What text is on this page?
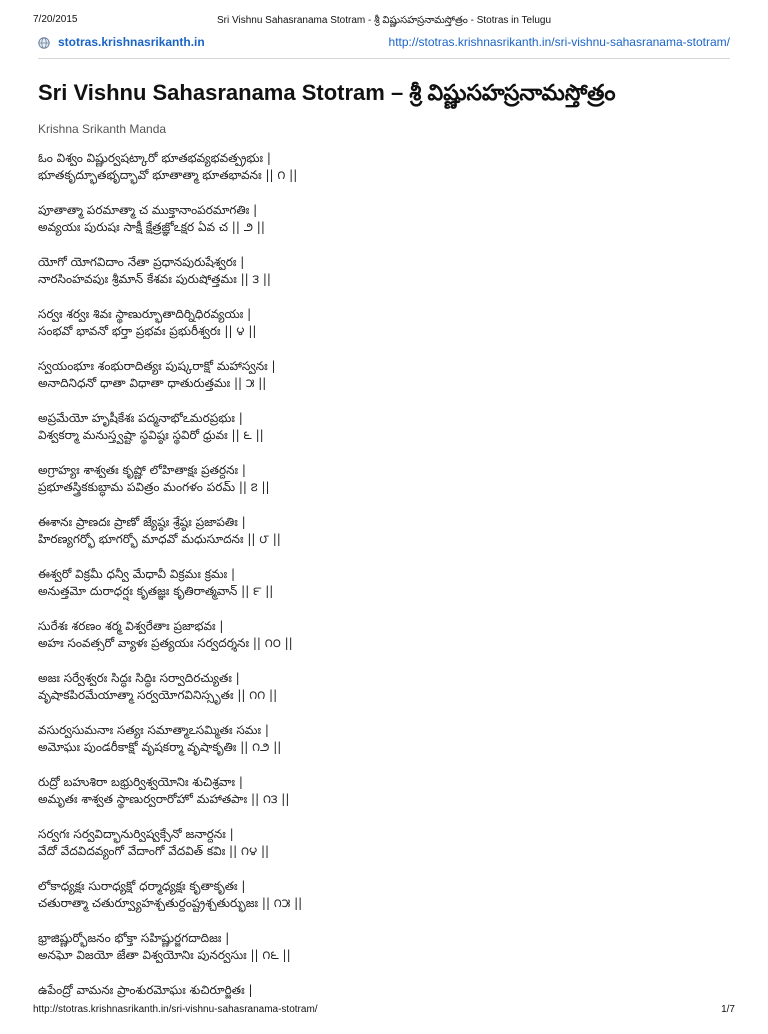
7/20/2015	Sri Vishnu Sahasranama Stotram - శ్రీ విష్ణుసహస్రనామస్తోత్రం - Stotras in Telugu
stotras.krishnasrikanth.in	http://stotras.krishnasrikanth.in/sri-vishnu-sahasranama-stotram/
Sri Vishnu Sahasranama Stotram – శ్రీ విష్ణుసహస్రనామస్తోత్రం
Krishna Srikanth Manda
ఓం విశ్వం విష్ణుర్వషట్కారో భూతభవ్యభవత్ప్రభుః |
భూతకృద్భూతభృద్భావో భూతాత్మా భూతభావనః || ౧ ||
పూతాత్మా పరమాత్మా చ ముక్తానాంపరమాగతిః |
అవ్యయః పురుషః సాక్షీ క్షేత్రజ్ఞోఽక్షర ఏవ చ || ౨ ||
యోగో యోగవిదాం నేతా ప్రధానపురుషేశ్వరః |
నారసింహవపుః శ్రీమాన్ కేశవః పురుషోత్తమః || ౩ ||
సర్వః శర్వః శివః స్థాణుర్భూతాదిర్నిధిరవ్యయః |
సంభవో భావనో భర్తా ప్రభవః ప్రభురీశ్వరః || ౪ ||
స్వయంభూః శంభురాదిత్యః పుష్కరాక్షో మహాస్వనః |
అనాదినిధనో ధాతా విధాతా ధాతురుత్తమః || ౫ ||
అప్రమేయో హృషీకేశః పద్మనాభోఽమరప్రభుః |
విశ్వకర్మా మనుస్త్వష్టా స్థవిష్ఠః స్థవిరో ధ్రువః || ౬ ||
అగ్రాహ్యః శాశ్వతః కృష్ణో లోహితాక్షః ప్రతర్దనః |
ప్రభూతస్త్రికకుబ్ధామ పవిత్రం మంగళం పరమ్ || ౭ ||
ఈశానః ప్రాణదః ప్రాణో జ్యేష్ఠః శ్రేష్ఠః ప్రజాపతిః |
హిరణ్యగర్భో భూగర్భో మాధవో మధుసూదనః || ౮ ||
ఈశ్వరో విక్రమీ ధన్వీ మేధావీ విక్రమః క్రమః |
అనుత్తమో దురాధర్షః కృతజ్ఞః కృతిరాత్మవాన్ || ౯ ||
సురేశః శరణం శర్మ విశ్వరేతాః ప్రజాభవః |
అహః సంవత్సరో వ్యాళః ప్రత్యయః సర్వదర్శనః || ౧౦ ||
అజః సర్వేశ్వరః సిద్ధః సిద్ధిః సర్వాదిరచ్యుతః |
వృషాకపిరమేయాత్మా సర్వయోగవినిస్సృతః || ౧౧ ||
వసుర్వసుమనాః సత్యః సమాత్మాఽసమ్మితః సమః |
అమోఘః పుండరీకాక్షో వృషకర్మా వృషాకృతిః || ౧౨ ||
రుద్రో బహుశిరా బభ్రుర్విశ్వయోనిః శుచిశ్రవాః |
అమృతః శాశ్వత స్థాణుర్వరారోహో మహాతపాః || ౧౩ ||
సర్వగః సర్వవిద్భానుర్విష్వక్సేనో జనార్దనః |
వేదో వేదవిదవ్యంగో వేదాంగో వేదవిత్ కవిః || ౧౪ ||
లోకాధ్యక్షః సురాధ్యక్షో ధర్మాధ్యక్షః కృతాకృతః |
చతురాత్మా చతుర్వ్యూహశ్చతుర్దంష్ట్రశ్చతుర్భుజః || ౧౫ ||
భ్రాజిష్ణుర్భోజనం భోక్తా సహిష్ణుర్జగదాదిజః |
అనఘో విజయో జేతా విశ్వయోనిః పునర్వసుః || ౧౬ ||
ఉపేంద్రో వామనః ప్రాంశురమోఘః శుచిరూర్జితః |
http://stotras.krishnasrikanth.in/sri-vishnu-sahasranama-stotram/	1/7
